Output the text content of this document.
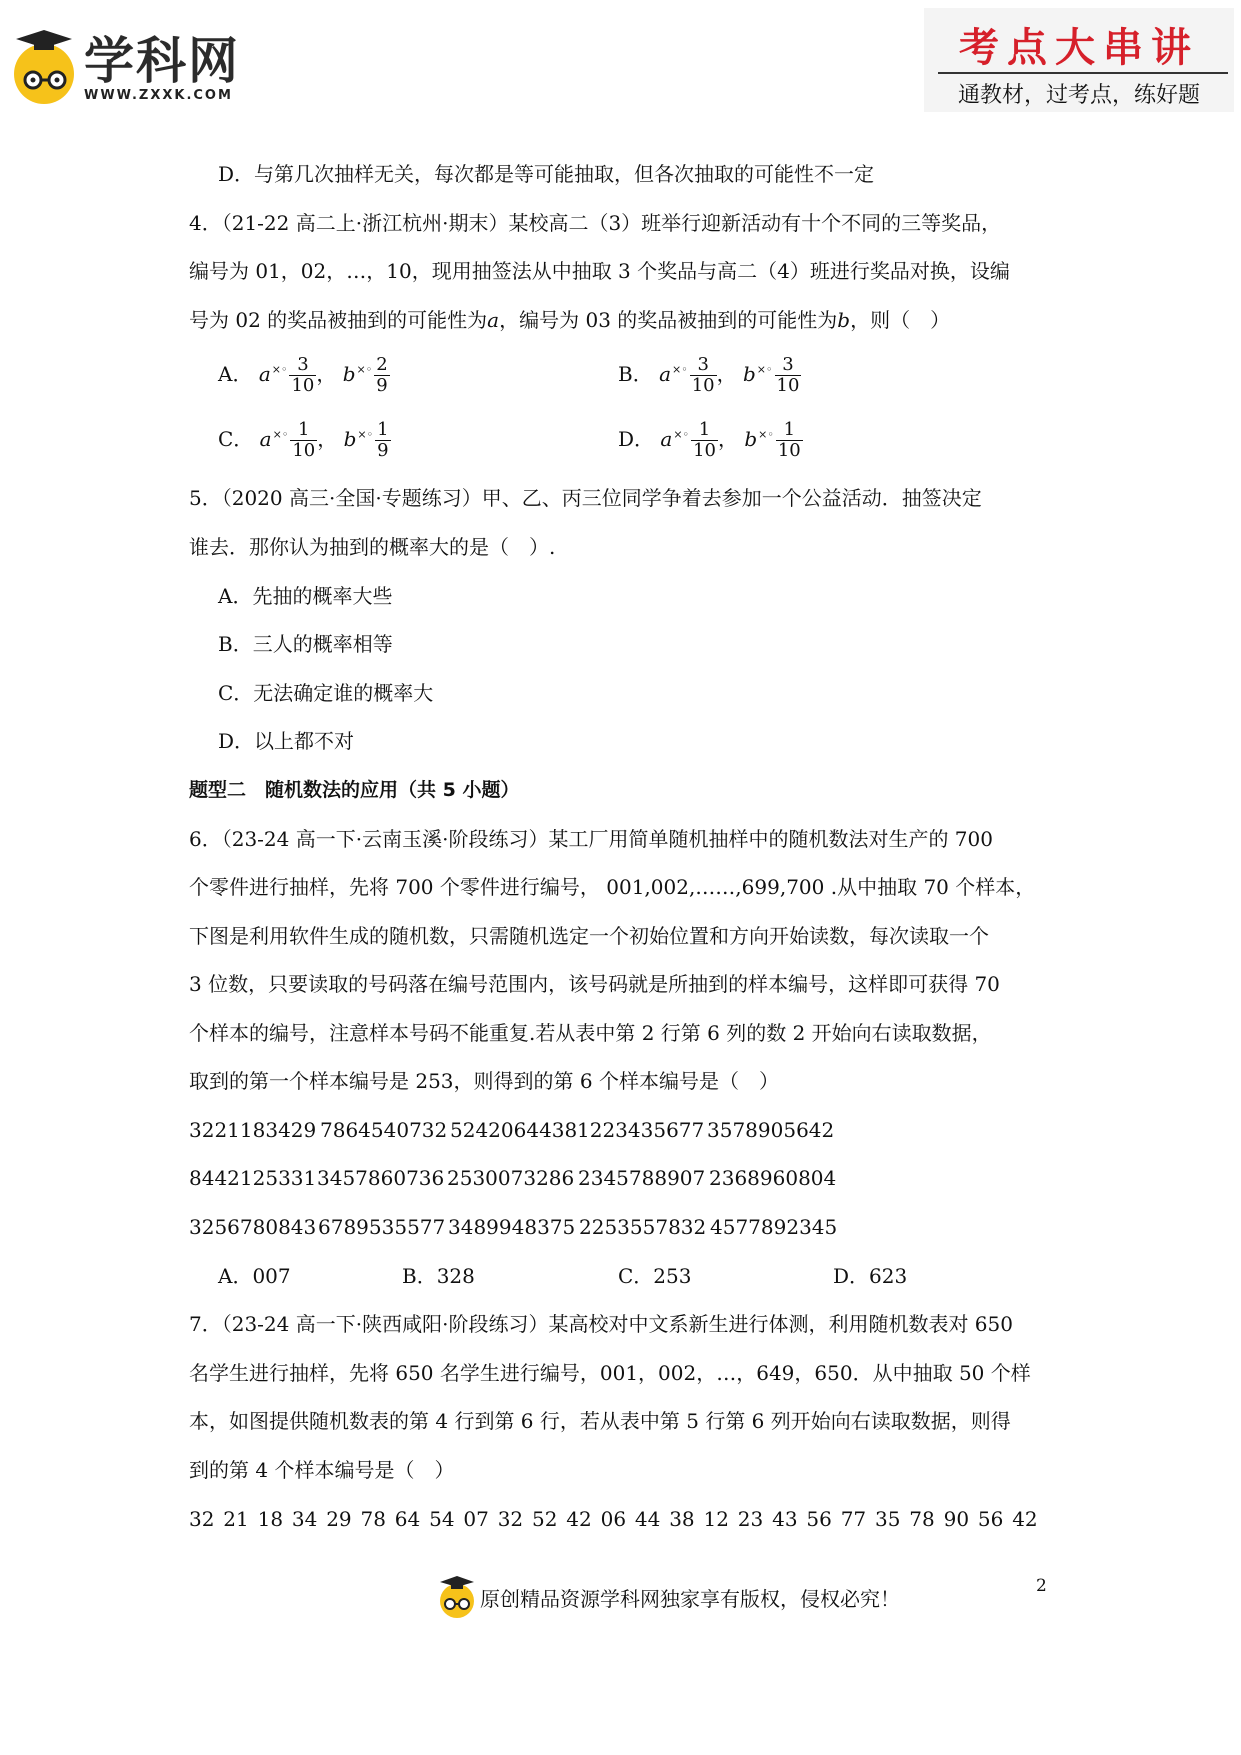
学科网
WWW.ZXXK.COM
考点大串讲
通教材，过考点，练好题
D．与第几次抽样无关，每次都是等可能抽取，但各次抽取的可能性不一定
4．（21-22 高二上·浙江杭州·期末）某校高二（3）班举行迎新活动有十个不同的三等奖品，
编号为 01，02，…，10，现用抽签法从中抽取 3 个奖品与高二（4）班进行奖品对换，设编
号为 02 的奖品被抽到的可能性为a，编号为 03 的奖品被抽到的可能性为b，则（　）
A． $a^{\times◦} \frac{3}{10}$ ， $b^{\times◦} \frac{2}{9}$	B． $a^{\times◦} \frac{3}{10}$ ， $b^{\times◦} \frac{3}{10}$
C． $a^{\times◦} \frac{1}{10}$ ， $b^{\times◦} \frac{1}{9}$	D． $a^{\times◦} \frac{1}{10}$ ， $b^{\times◦} \frac{1}{10}$
5．（2020 高三·全国·专题练习）甲、乙、丙三位同学争着去参加一个公益活动．抽签决定
谁去．那你认为抽到的概率大的是（　）.
A．先抽的概率大些
B．三人的概率相等
C．无法确定谁的概率大
D．以上都不对
题型二　随机数法的应用（共 5 小题）
6．（23-24 高一下·云南玉溪·阶段练习）某工厂用简单随机抽样中的随机数法对生产的 700
个零件进行抽样，先将 700 个零件进行编号， 001,002,……,699,700 .从中抽取 70 个样本，
下图是利用软件生成的随机数，只需随机选定一个初始位置和方向开始读数，每次读取一个
3 位数，只要读取的号码落在编号范围内，该号码就是所抽到的样本编号，这样即可获得 70
个样本的编号，注意样本号码不能重复.若从表中第 2 行第 6 列的数 2 开始向右读取数据，
取到的第一个样本编号是 253，则得到的第 6 个样本编号是（　）
3221183429 7864540732 5242064438 1223435677 3578905642
8442125331 3457860736 2530073286 2345788907 2368960804
3256780843 6789535577 3489948375 2253557832 4577892345
A．007	B．328	C．253	D．623
7．（23-24 高一下·陕西咸阳·阶段练习）某高校对中文系新生进行体测，利用随机数表对 650
名学生进行抽样，先将 650 名学生进行编号，001，002，…，649，650．从中抽取 50 个样
本，如图提供随机数表的第 4 行到第 6 行，若从表中第 5 行第 6 列开始向右读取数据，则得
到的第 4 个样本编号是（　）
32 21 18 34 29 78 64 54 07 32 52 42 06 44 38 12 23 43 56 77 35 78 90 56 42
原创精品资源学科网独家享有版权，侵权必究！
2
